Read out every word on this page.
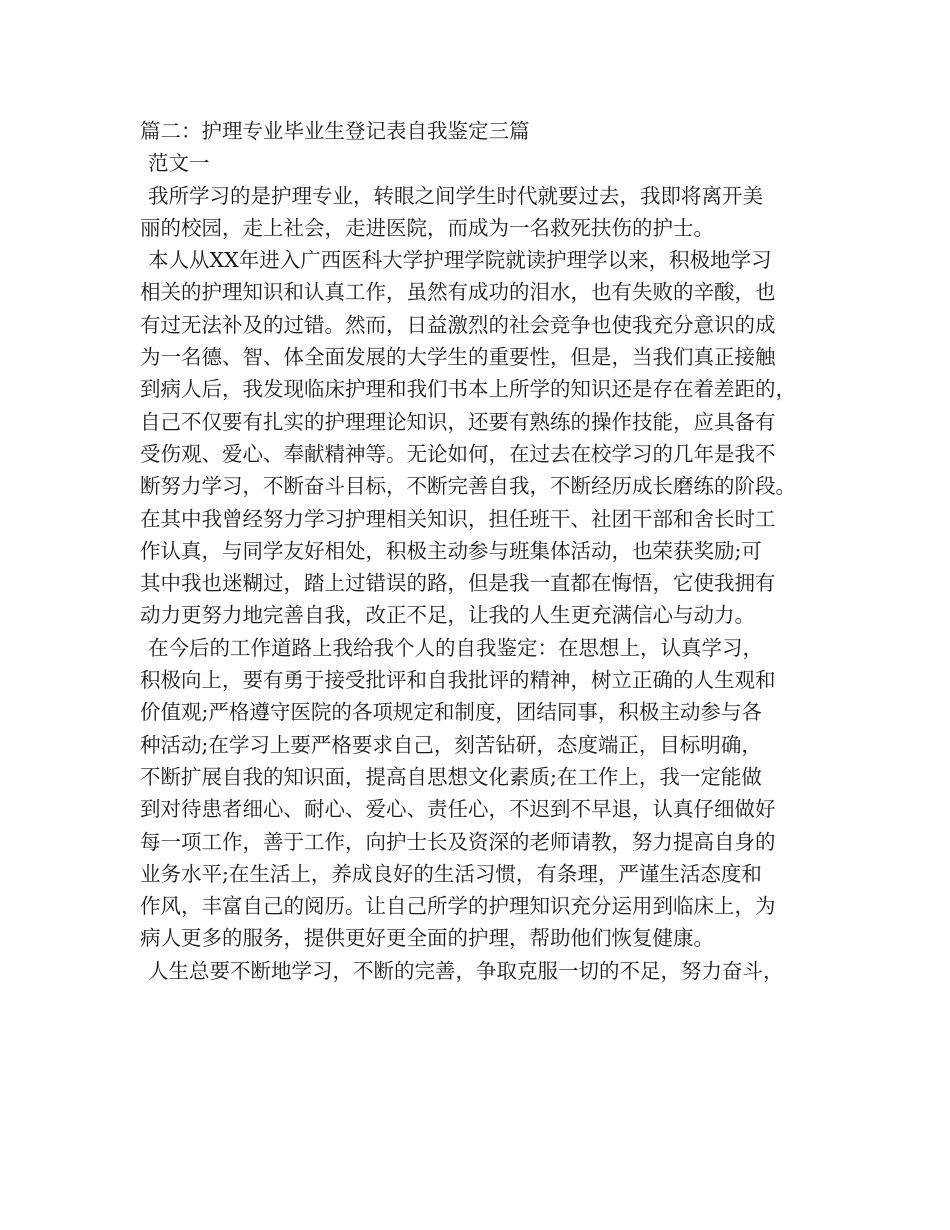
篇二：护理专业毕业生登记表自我鉴定三篇
范文一
我所学习的是护理专业，转眼之间学生时代就要过去，我即将离开美
丽的校园，走上社会，走进医院，而成为一名救死扶伤的护士。
本人从XX年进入广西医科大学护理学院就读护理学以来，积极地学习
相关的护理知识和认真工作，虽然有成功的泪水，也有失败的辛酸，也
有过无法补及的过错。然而，日益激烈的社会竞争也使我充分意识的成
为一名德、智、体全面发展的大学生的重要性，但是，当我们真正接触
到病人后，我发现临床护理和我们书本上所学的知识还是存在着差距的，
自己不仅要有扎实的护理理论知识，还要有熟练的操作技能，应具备有
受伤观、爱心、奉献精神等。无论如何，在过去在校学习的几年是我不
断努力学习，不断奋斗目标，不断完善自我，不断经历成长磨练的阶段。
在其中我曾经努力学习护理相关知识，担任班干、社团干部和舍长时工
作认真，与同学友好相处，积极主动参与班集体活动，也荣获奖励;可
其中我也迷糊过，踏上过错误的路，但是我一直都在悔悟，它使我拥有
动力更努力地完善自我，改正不足，让我的人生更充满信心与动力。
在今后的工作道路上我给我个人的自我鉴定：在思想上，认真学习，
积极向上，要有勇于接受批评和自我批评的精神，树立正确的人生观和
价值观;严格遵守医院的各项规定和制度，团结同事，积极主动参与各
种活动;在学习上要严格要求自己，刻苦钻研，态度端正，目标明确，
不断扩展自我的知识面，提高自思想文化素质;在工作上，我一定能做
到对待患者细心、耐心、爱心、责任心，不迟到不早退，认真仔细做好
每一项工作，善于工作，向护士长及资深的老师请教，努力提高自身的
业务水平;在生活上，养成良好的生活习惯，有条理，严谨生活态度和
作风，丰富自己的阅历。让自己所学的护理知识充分运用到临床上，为
病人更多的服务，提供更好更全面的护理，帮助他们恢复健康。
人生总要不断地学习，不断的完善，争取克服一切的不足，努力奋斗，
